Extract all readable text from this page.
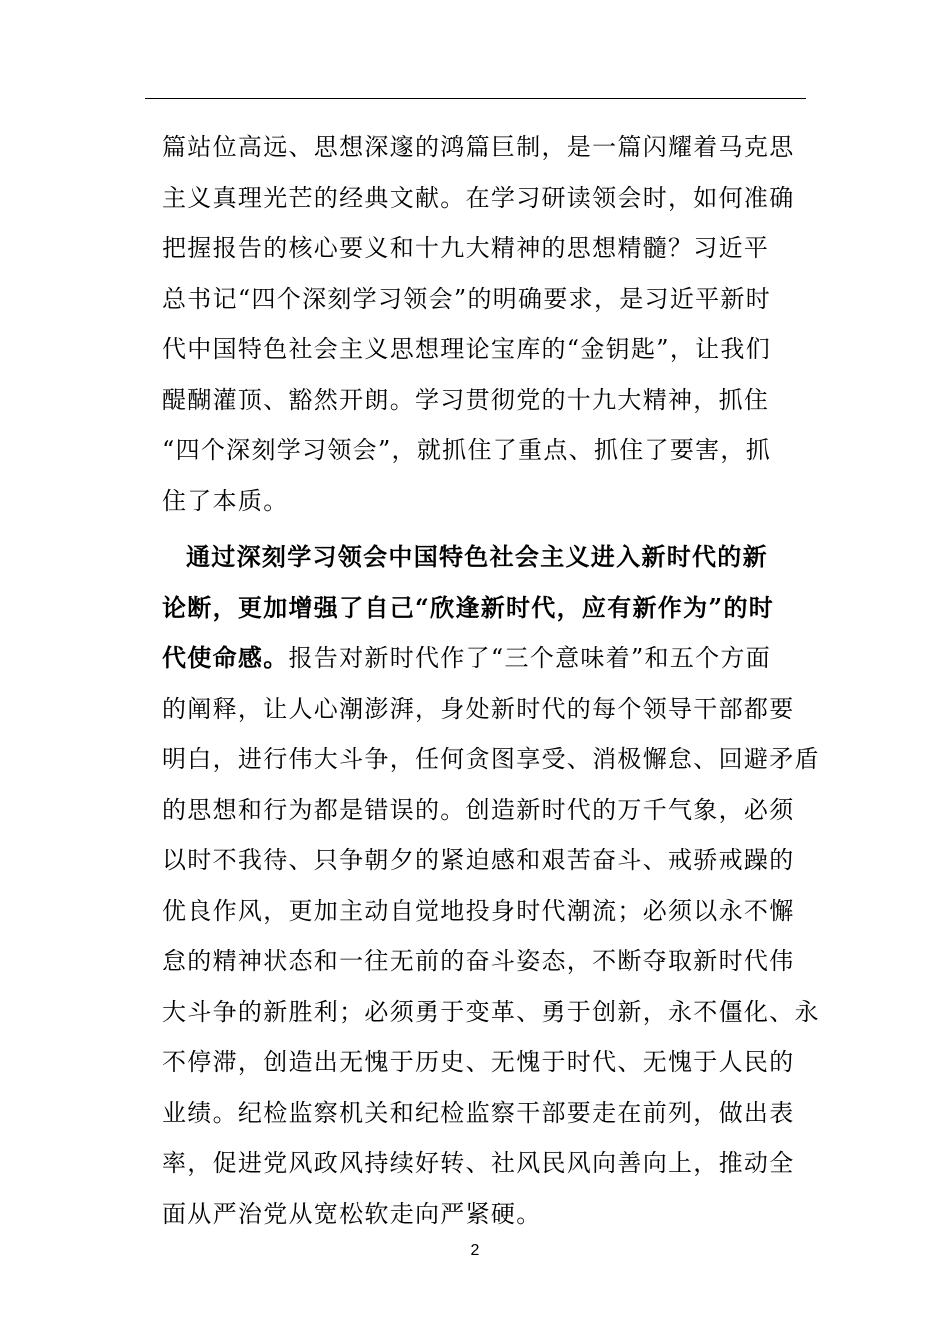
篇站位高远、思想深邃的鸿篇巨制，是一篇闪耀着马克思
主义真理光芒的经典文献。在学习研读领会时，如何准确
把握报告的核心要义和十九大精神的思想精髓？习近平
总书记“四个深刻学习领会”的明确要求，是习近平新时
代中国特色社会主义思想理论宝库的“金钥匙”，让我们
醍醐灌顶、豁然开朗。学习贯彻党的十九大精神，抓住
“四个深刻学习领会”，就抓住了重点、抓住了要害，抓
住了本质。
通过深刻学习领会中国特色社会主义进入新时代的新
论断，更加增强了自己“欣逢新时代，应有新作为”的时
代使命感。报告对新时代作了“三个意味着”和五个方面
的阐释，让人心潮澎湃，身处新时代的每个领导干部都要
明白，进行伟大斗争，任何贪图享受、消极懈怠、回避矛盾
的思想和行为都是错误的。创造新时代的万千气象，必须
以时不我待、只争朝夕的紧迫感和艰苦奋斗、戒骄戒躁的
优良作风，更加主动自觉地投身时代潮流；必须以永不懈
怠的精神状态和一往无前的奋斗姿态，不断夺取新时代伟
大斗争的新胜利；必须勇于变革、勇于创新，永不僵化、永
不停滞，创造出无愧于历史、无愧于时代、无愧于人民的
业绩。纪检监察机关和纪检监察干部要走在前列，做出表
率，促进党风政风持续好转、社风民风向善向上，推动全
面从严治党从宽松软走向严紧硬。
2
